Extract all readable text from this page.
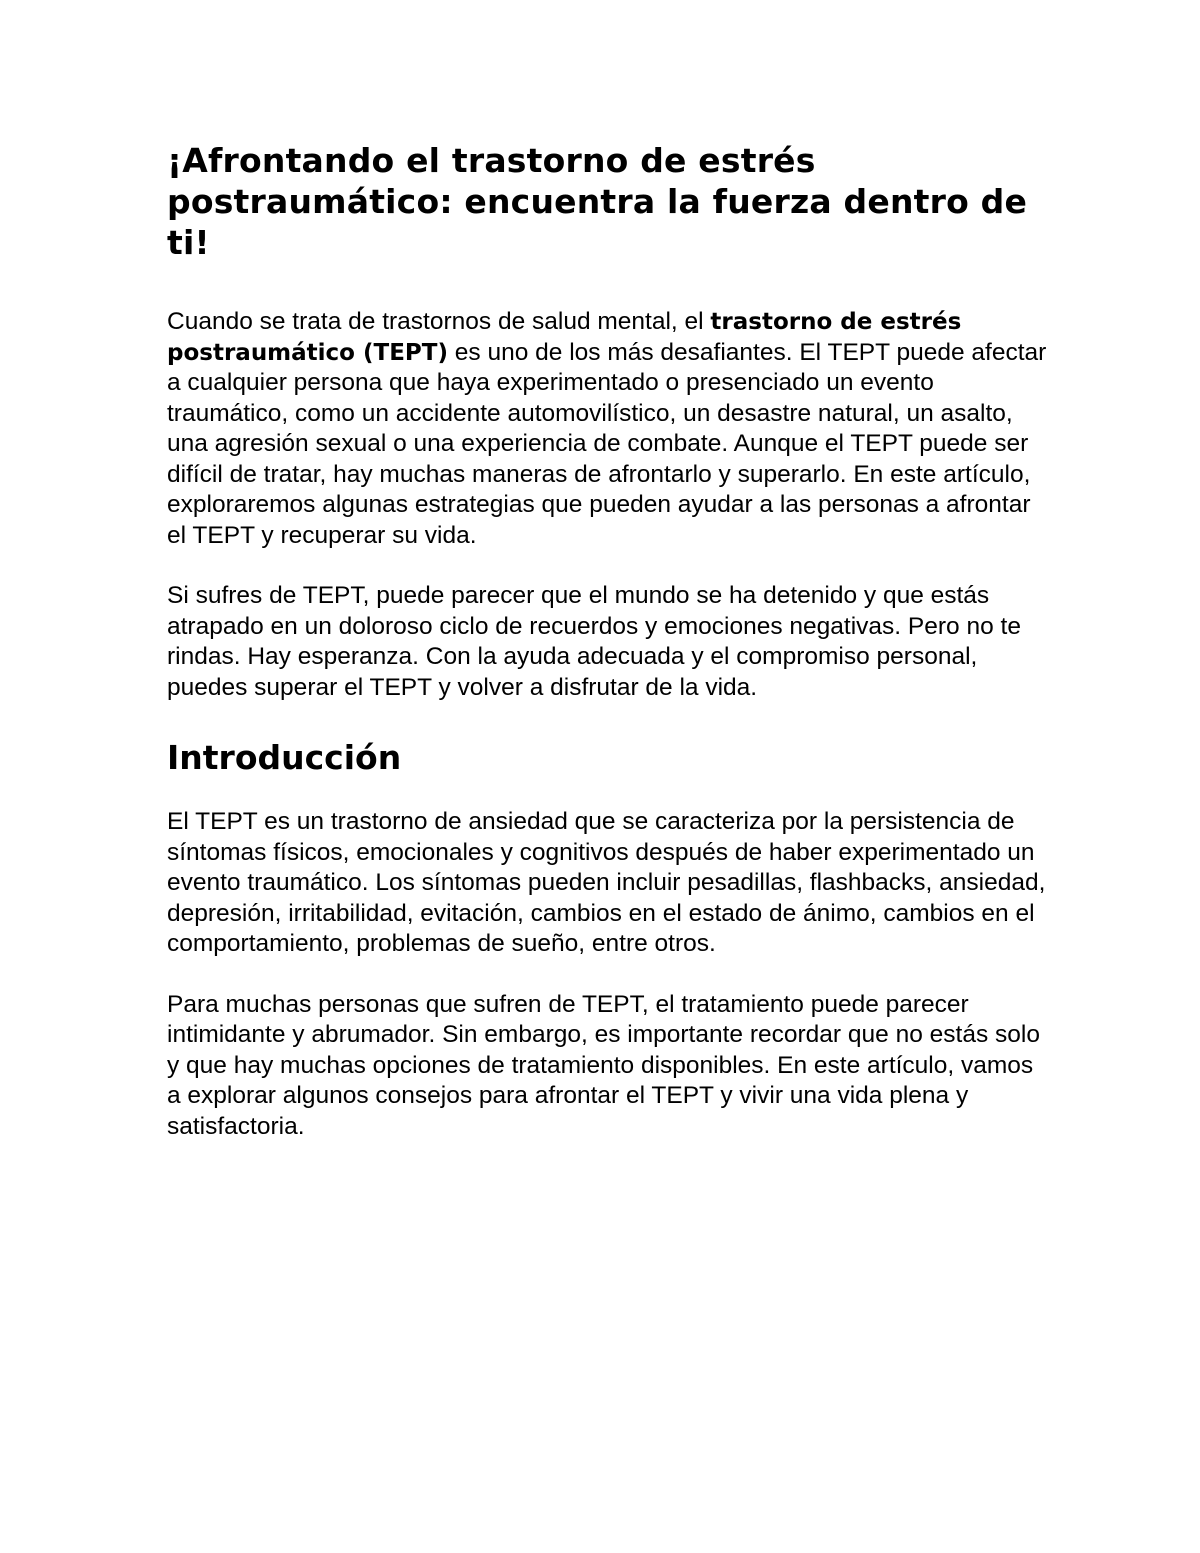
¡Afrontando el trastorno de estrés postraumático: encuentra la fuerza dentro de ti!

Cuando se trata de trastornos de salud mental, el trastorno de estrés postraumático (TEPT) es uno de los más desafiantes. El TEPT puede afectar a cualquier persona que haya experimentado o presenciado un evento traumático, como un accidente automovilístico, un desastre natural, un asalto, una agresión sexual o una experiencia de combate. Aunque el TEPT puede ser difícil de tratar, hay muchas maneras de afrontarlo y superarlo. En este artículo, exploraremos algunas estrategias que pueden ayudar a las personas a afrontar el TEPT y recuperar su vida.

Si sufres de TEPT, puede parecer que el mundo se ha detenido y que estás atrapado en un doloroso ciclo de recuerdos y emociones negativas. Pero no te rindas. Hay esperanza. Con la ayuda adecuada y el compromiso personal, puedes superar el TEPT y volver a disfrutar de la vida.

Introducción

El TEPT es un trastorno de ansiedad que se caracteriza por la persistencia de síntomas físicos, emocionales y cognitivos después de haber experimentado un evento traumático. Los síntomas pueden incluir pesadillas, flashbacks, ansiedad, depresión, irritabilidad, evitación, cambios en el estado de ánimo, cambios en el comportamiento, problemas de sueño, entre otros.

Para muchas personas que sufren de TEPT, el tratamiento puede parecer intimidante y abrumador. Sin embargo, es importante recordar que no estás solo y que hay muchas opciones de tratamiento disponibles. En este artículo, vamos a explorar algunos consejos para afrontar el TEPT y vivir una vida plena y satisfactoria.
